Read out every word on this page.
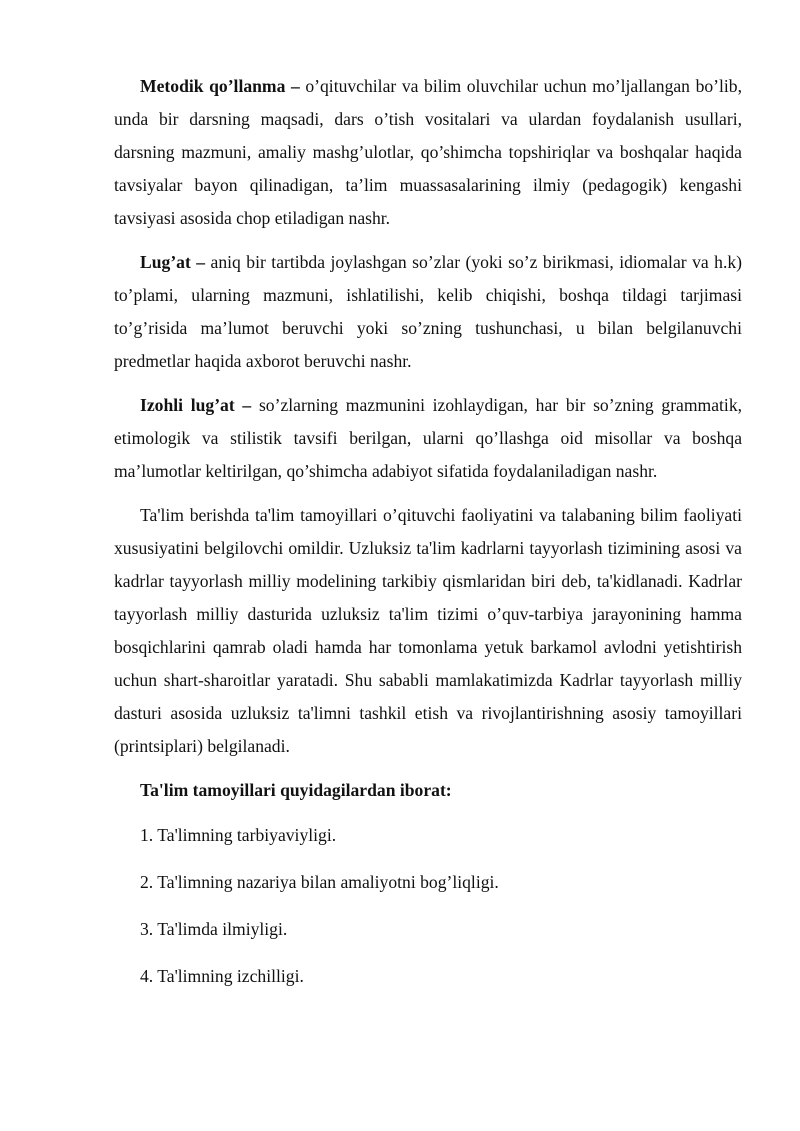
Metodik qo’llanma – o’qituvchilar va bilim oluvchilar uchun mo’ljallangan bo’lib, unda bir darsning maqsadi, dars o’tish vositalari va ulardan foydalanish usullari, darsning mazmuni, amaliy mashg’ulotlar, qo’shimcha topshiriqlar va boshqalar haqida tavsiyalar bayon qilinadigan, ta’lim muassasalarining ilmiy (pedagogik) kengashi tavsiyasi asosida chop etiladigan nashr.

Lug’at – aniq bir tartibda joylashgan so’zlar (yoki so’z birikmasi, idiomalar va h.k) to’plami, ularning mazmuni, ishlatilishi, kelib chiqishi, boshqa tildagi tarjimasi to’g’risida ma’lumot beruvchi yoki so’zning tushunchasi, u bilan belgilanuvchi predmetlar haqida axborot beruvchi nashr.

Izohli lug’at – so’zlarning mazmunini izohlaydigan, har bir so’zning grammatik, etimologik va stilistik tavsifi berilgan, ularni qo’llashga oid misollar va boshqa ma’lumotlar keltirilgan, qo’shimcha adabiyot sifatida foydalaniladigan nashr.

Ta'lim berishda ta'lim tamoyillari o’qituvchi faoliyatini va talabaning bilim faoliyati xususiyatini belgilovchi omildir. Uzluksiz ta'lim kadrlarni tayyorlash tizimining asosi va kadrlar tayyorlash milliy modelining tarkibiy qismlaridan biri deb, ta'kidlanadi. Kadrlar tayyorlash milliy dasturida uzluksiz ta'lim tizimi o’quv-tarbiya jarayonining hamma bosqichlarini qamrab oladi hamda har tomonlama yetuk barkamol avlodni yetishtirish uchun shart-sharoitlar yaratadi. Shu sababli mamlakatimizda Kadrlar tayyorlash milliy dasturi asosida uzluksiz ta'limni tashkil etish va rivojlantirishning asosiy tamoyillari (printsiplari) belgilanadi.

Ta'lim tamoyillari quyidagilardan iborat:

1. Ta'limning tarbiyaviyligi.
2. Ta'limning nazariya bilan amaliyotni bog’liqligi.
3. Ta'limda ilmiyligi.
4. Ta'limning izchilligi.
